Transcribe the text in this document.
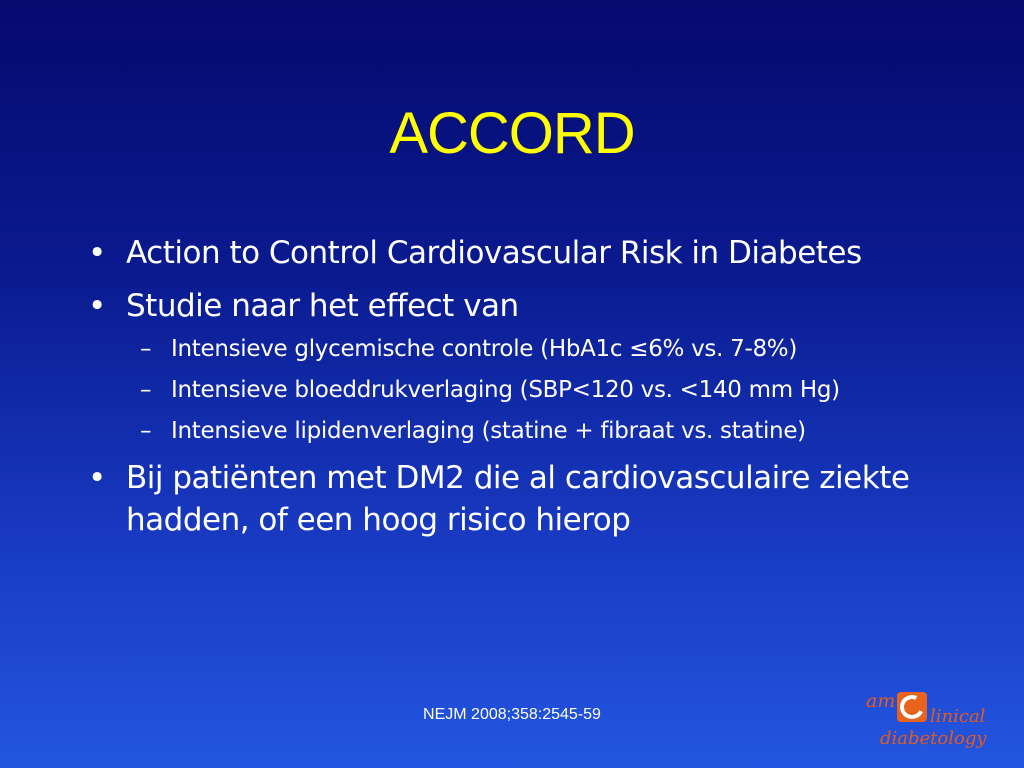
ACCORD
• Action to Control Cardiovascular Risk in Diabetes
• Studie naar het effect van
– Intensieve glycemische controle (HbA1c ≤6% vs. 7-8%)
– Intensieve bloeddrukverlaging (SBP<120 vs. <140 mm Hg)
– Intensieve lipidenverlaging (statine + fibraat vs. statine)
• Bij patiënten met DM2 die al cardiovasculaire ziekte hadden, of een hoog risico hierop
NEJM 2008;358:2545-59
am
linical
diabetology
